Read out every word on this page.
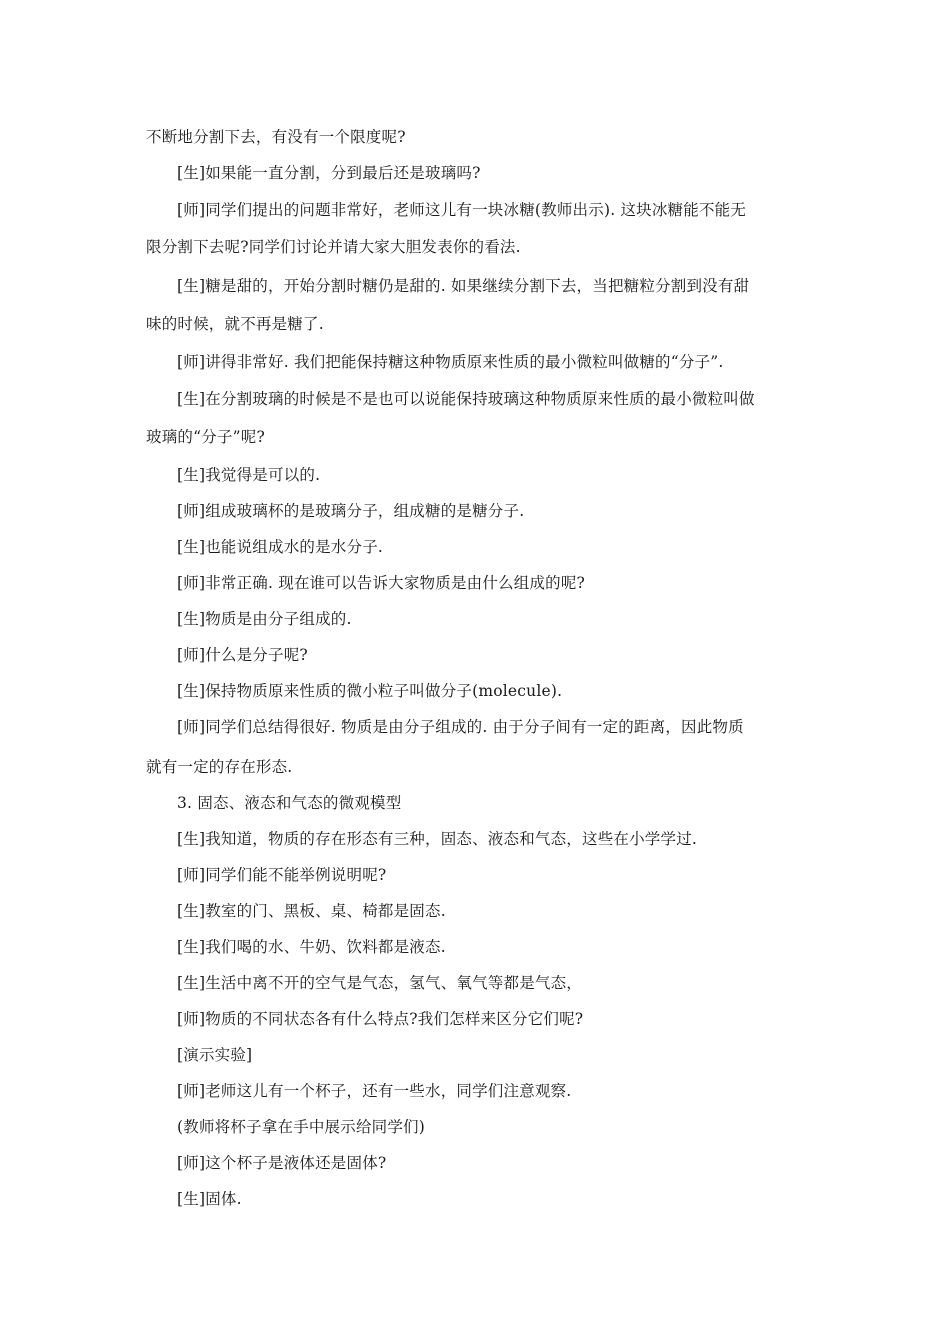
不断地分割下去，有没有一个限度呢?
[生]如果能一直分割，分到最后还是玻璃吗?
[师]同学们提出的问题非常好，老师这儿有一块冰糖(教师出示). 这块冰糖能不能无
限分割下去呢?同学们讨论并请大家大胆发表你的看法.
[生]糖是甜的，开始分割时糖仍是甜的. 如果继续分割下去，当把糖粒分割到没有甜
味的时候，就不再是糖了.
[师]讲得非常好. 我们把能保持糖这种物质原来性质的最小微粒叫做糖的“分子”.
[生]在分割玻璃的时候是不是也可以说能保持玻璃这种物质原来性质的最小微粒叫做
玻璃的“分子”呢?
[生]我觉得是可以的.
[师]组成玻璃杯的是玻璃分子，组成糖的是糖分子.
[生]也能说组成水的是水分子.
[师]非常正确. 现在谁可以告诉大家物质是由什么组成的呢?
[生]物质是由分子组成的.
[师]什么是分子呢?
[生]保持物质原来性质的微小粒子叫做分子(molecule).
[师]同学们总结得很好. 物质是由分子组成的. 由于分子间有一定的距离，因此物质
就有一定的存在形态.
3. 固态、液态和气态的微观模型
[生]我知道，物质的存在形态有三种，固态、液态和气态，这些在小学学过.
[师]同学们能不能举例说明呢?
[生]教室的门、黑板、桌、椅都是固态.
[生]我们喝的水、牛奶、饮料都是液态.
[生]生活中离不开的空气是气态，氢气、氧气等都是气态，
[师]物质的不同状态各有什么特点?我们怎样来区分它们呢?
[演示实验]
[师]老师这儿有一个杯子，还有一些水，同学们注意观察.
(教师将杯子拿在手中展示给同学们)
[师]这个杯子是液体还是固体?
[生]固体.
